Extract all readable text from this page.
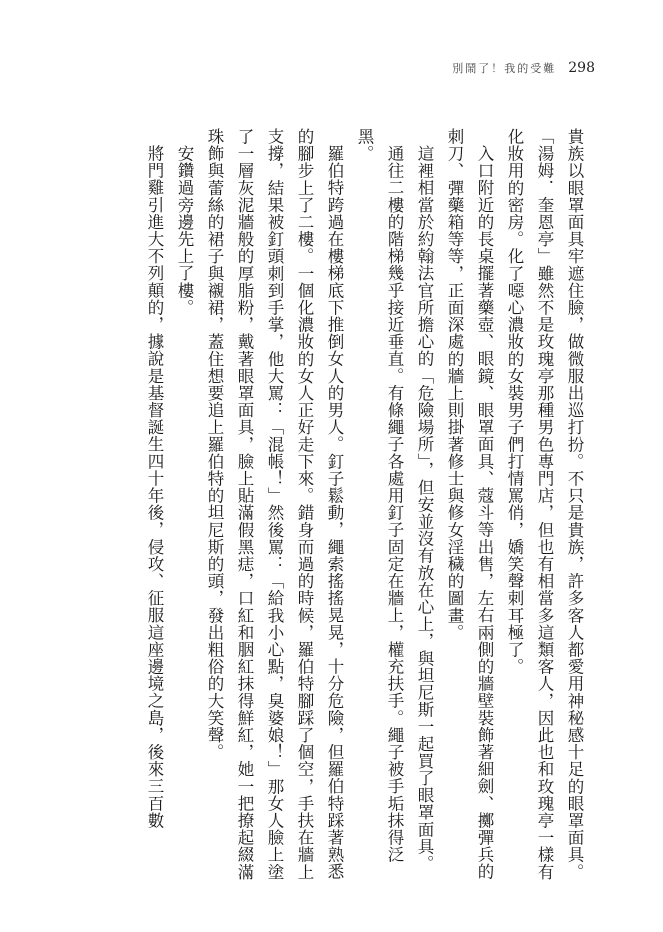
別鬧了！我的受難 298

貴族以眼罩面具牢遮住臉，做微服出巡打扮。不只是貴族，許多客人都愛用神秘感十足的眼罩面具。「湯姆．奎恩亭」雖然不是玫瑰亭那種男色專門店，但也有相當多這類客人，因此也和玫瑰亭一樣有化妝用的密房。化了噁心濃妝的女裝男子們打情罵俏，嬌笑聲刺耳極了。

入口附近的長桌擺著藥壺、眼鏡、眼罩面具、蔻斗等出售，左右兩側的牆壁裝飾著細劍、擲彈兵的刺刀、彈藥箱等等，正面深處的牆上則掛著修士與修女淫穢的圖畫。

這裡相當於約翰法官所擔心的「危險場所」，但安並沒有放在心上，與坦尼斯一起買了眼罩面具。

通往二樓的階梯幾乎接近垂直。有條繩子各處用釘子固定在牆上，權充扶手。繩子被手垢抹得泛黑。

羅伯特跨過在樓梯底下推倒女人的男人。釘子鬆動，繩索搖搖晃晃，十分危險，但羅伯特踩著熟悉的腳步上了二樓。一個化濃妝的女人正好走下來。錯身而過的時候，羅伯特腳踩了個空，手扶在牆上支撐，結果被釘頭刺到手掌，他大罵：「混帳！」然後罵：「給我小心點，臭婆娘！」那女人臉上塗了一層灰泥牆般的厚脂粉，戴著眼罩面具，臉上貼滿假黑痣，口紅和胭紅抹得鮮紅，她一把撩起綴滿珠飾與蕾絲的裙子與襯裙，蓋住想要追上羅伯特的坦尼斯的頭，發出粗俗的大笑聲。

安鑽過旁邊先上了樓。

將門雞引進大不列顛的，據說是基督誕生四十年後，侵攻、征服這座邊境之島，後來三百數
